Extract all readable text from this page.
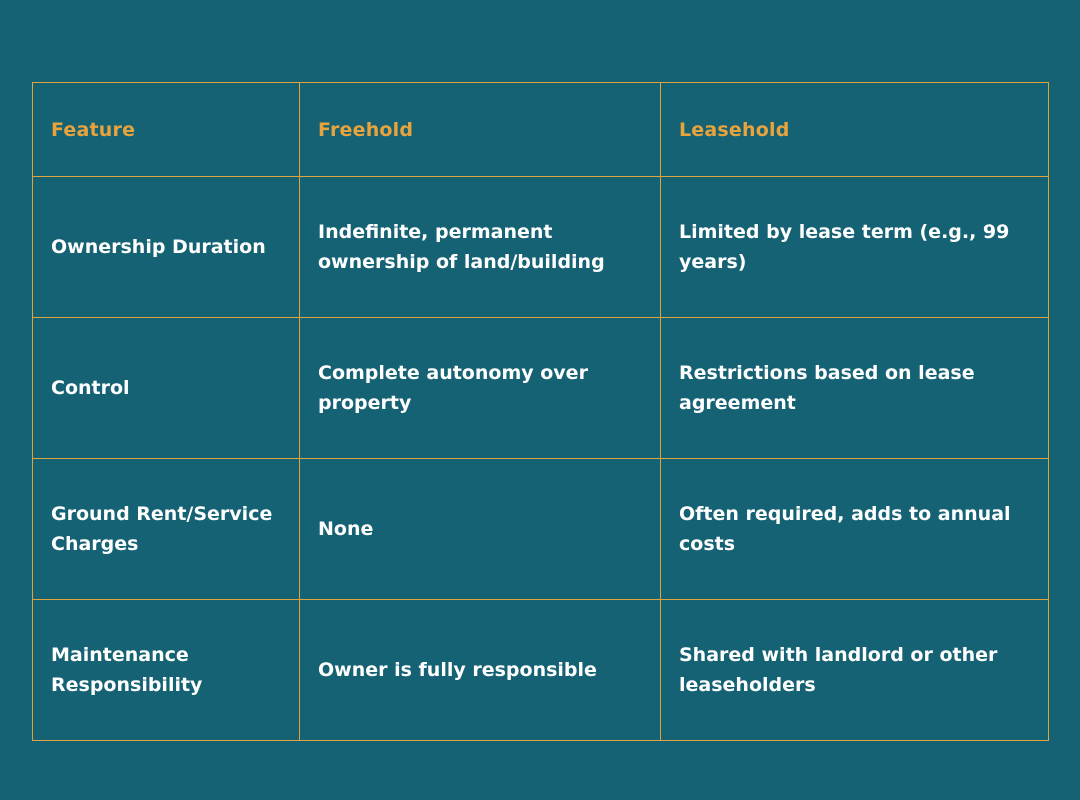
Feature	Freehold	Leasehold
Ownership Duration	Indefinite, permanent ownership of land/building	Limited by lease term (e.g., 99 years)
Control	Complete autonomy over property	Restrictions based on lease agreement
Ground Rent/Service Charges	None	Often required, adds to annual costs
Maintenance Responsibility	Owner is fully responsible	Shared with landlord or other leaseholders
